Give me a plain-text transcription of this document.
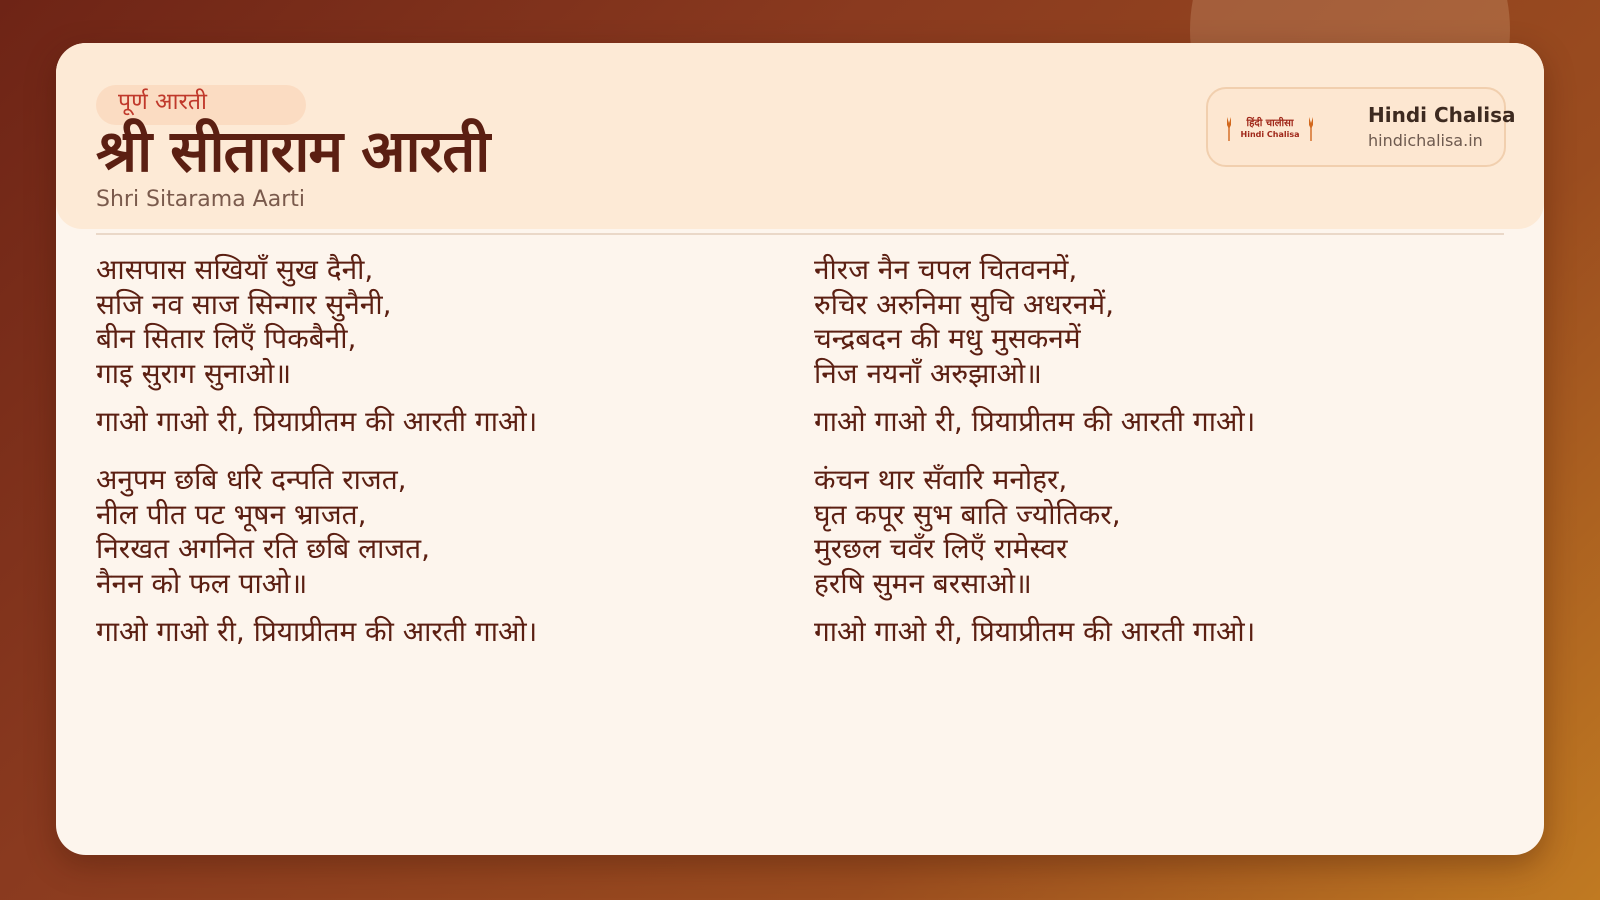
पूर्ण आरती
श्री सीताराम आरती
Shri Sitarama Aarti
हिंदी चालीसा
Hindi Chalisa
Hindi Chalisa
hindichalisa.in
आसपास सखियाँ सुख दैनी,
सजि नव साज सिन्गार सुनैनी,
बीन सितार लिएँ पिकबैनी,
गाइ सुराग सुनाओ॥
गाओ गाओ री, प्रियाप्रीतम की आरती गाओ।
अनुपम छबि धरि दन्पति राजत,
नील पीत पट भूषन भ्राजत,
निरखत अगनित रति छबि लाजत,
नैनन को फल पाओ॥
गाओ गाओ री, प्रियाप्रीतम की आरती गाओ।
नीरज नैन चपल चितवनमें,
रुचिर अरुनिमा सुचि अधरनमें,
चन्द्रबदन की मधु मुसकनमें
निज नयनाँ अरुझाओ॥
गाओ गाओ री, प्रियाप्रीतम की आरती गाओ।
कंचन थार सँवारि मनोहर,
घृत कपूर सुभ बाति ज्योतिकर,
मुरछल चवँर लिएँ रामेस्वर
हरषि सुमन बरसाओ॥
गाओ गाओ री, प्रियाप्रीतम की आरती गाओ।
